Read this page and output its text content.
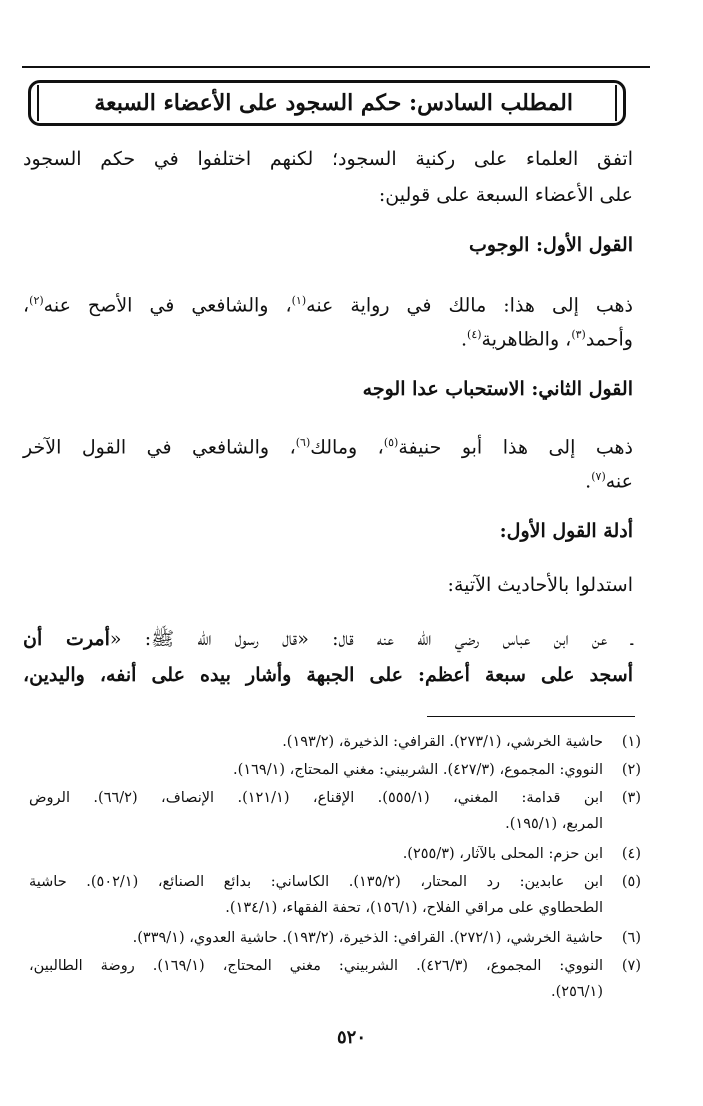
المطلب السادس: حكم السجود على الأعضاء السبعة
اتفق العلماء على ركنية السجود؛ لكنهم اختلفوا في حكم السجود
على الأعضاء السبعة على قولين:
القول الأول: الوجوب
ذهب إلى هذا: مالك في رواية عنه$^{(١)}$، والشافعي في الأصح عنه$^{(٢)}$،
وأحمد$^{(٣)}$، والظاهرية$^{(٤)}$.
القول الثاني: الاستحباب عدا الوجه
ذهب إلى هذا أبو حنيفة$^{(٥)}$، ومالك$^{(٦)}$، والشافعي في القول الآخر
عنه$^{(٧)}$.
أدلة القول الأول:
استدلوا بالأحاديث الآتية:
ـ عن ابن عباس رضي الله عنه قال: «قال رسول الله ﷺ: «أمرت أن
أسجد على سبعة أعظم: على الجبهة وأشار بيده على أنفه، واليدين،
(١)
حاشية الخرشي، (٢٧٣/١). القرافي: الذخيرة، (١٩٣/٢).
(٢)
النووي: المجموع، (٤٢٧/٣). الشربيني: مغني المحتاج، (١٦٩/١).
(٣)
ابن قدامة: المغني، (٥٥٥/١). الإقناع، (١٢١/١). الإنصاف، (٦٦/٢). الروض
المربع، (١٩٥/١).
(٤)
ابن حزم: المحلى بالآثار، (٢٥٥/٣).
(٥)
ابن عابدين: رد المحتار، (١٣٥/٢). الكاساني: بدائع الصنائع، (٥٠٢/١). حاشية
الطحطاوي على مراقي الفلاح، (١٥٦/١)، تحفة الفقهاء، (١٣٤/١).
(٦)
حاشية الخرشي، (٢٧٢/١). القرافي: الذخيرة، (١٩٣/٢). حاشية العدوي، (٣٣٩/١).
(٧)
النووي: المجموع، (٤٢٦/٣). الشربيني: مغني المحتاج، (١٦٩/١). روضة الطالبين،
(٢٥٦/١).
٥٢٠
